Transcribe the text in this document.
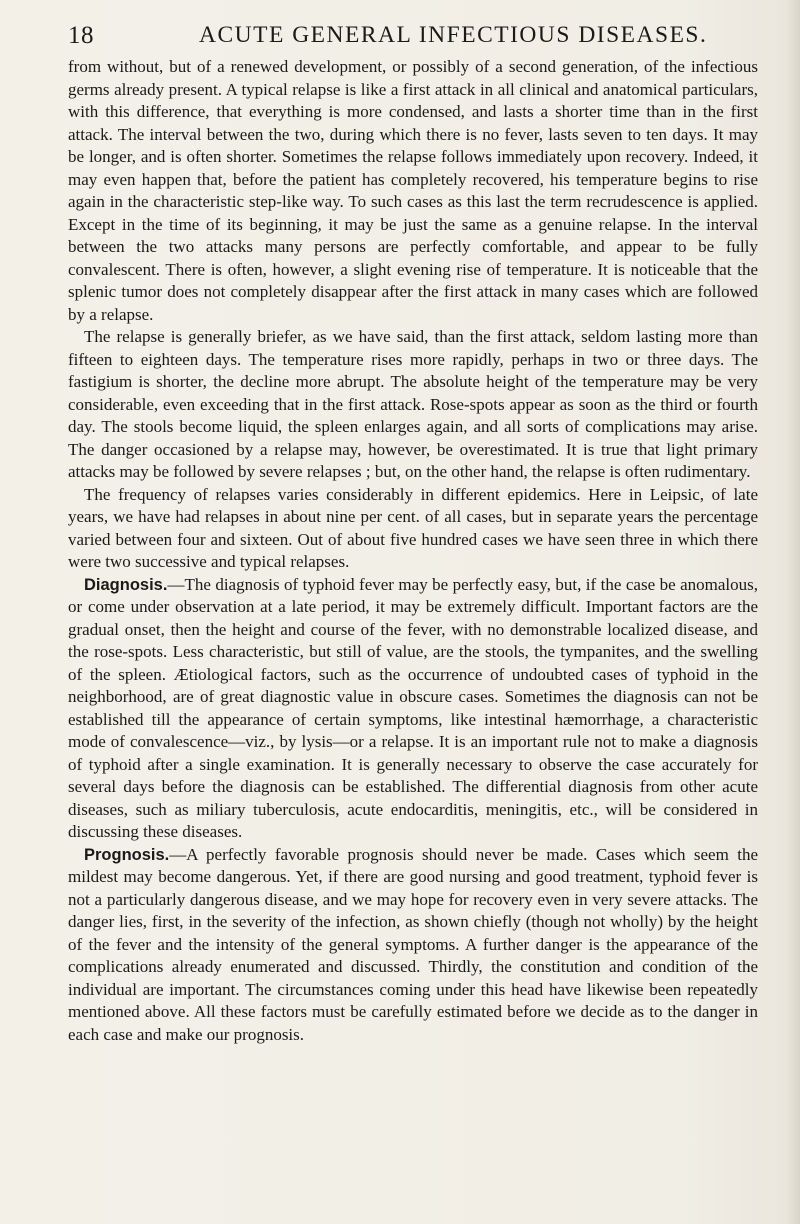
18	ACUTE GENERAL INFECTIOUS DISEASES.

from without, but of a renewed development, or possibly of a second generation, of the infectious germs already present. A typical relapse is like a first attack in all clinical and anatomical particulars, with this difference, that everything is more condensed, and lasts a shorter time than in the first attack. The interval between the two, during which there is no fever, lasts seven to ten days. It may be longer, and is often shorter. Sometimes the relapse follows immediately upon recovery. Indeed, it may even happen that, before the patient has completely recovered, his temperature begins to rise again in the characteristic step-like way. To such cases as this last the term recrudescence is applied. Except in the time of its beginning, it may be just the same as a genuine relapse. In the interval between the two attacks many persons are perfectly comfortable, and appear to be fully convalescent. There is often, however, a slight evening rise of temperature. It is noticeable that the splenic tumor does not completely disappear after the first attack in many cases which are followed by a relapse.

The relapse is generally briefer, as we have said, than the first attack, seldom lasting more than fifteen to eighteen days. The temperature rises more rapidly, perhaps in two or three days. The fastigium is shorter, the decline more abrupt. The absolute height of the temperature may be very considerable, even exceeding that in the first attack. Rose-spots appear as soon as the third or fourth day. The stools become liquid, the spleen enlarges again, and all sorts of complications may arise. The danger occasioned by a relapse may, however, be overestimated. It is true that light primary attacks may be followed by severe relapses ; but, on the other hand, the relapse is often rudimentary.

The frequency of relapses varies considerably in different epidemics. Here in Leipsic, of late years, we have had relapses in about nine per cent. of all cases, but in separate years the percentage varied between four and sixteen. Out of about five hundred cases we have seen three in which there were two successive and typical relapses.

Diagnosis.—The diagnosis of typhoid fever may be perfectly easy, but, if the case be anomalous, or come under observation at a late period, it may be extremely difficult. Important factors are the gradual onset, then the height and course of the fever, with no demonstrable localized disease, and the rose-spots. Less characteristic, but still of value, are the stools, the tympanites, and the swelling of the spleen. Ætiological factors, such as the occurrence of undoubted cases of typhoid in the neighborhood, are of great diagnostic value in obscure cases. Sometimes the diagnosis can not be established till the appearance of certain symptoms, like intestinal hæmorrhage, a characteristic mode of convalescence—viz., by lysis—or a relapse. It is an important rule not to make a diagnosis of typhoid after a single examination. It is generally necessary to observe the case accurately for several days before the diagnosis can be established. The differential diagnosis from other acute diseases, such as miliary tuberculosis, acute endocarditis, meningitis, etc., will be considered in discussing these diseases.

Prognosis.—A perfectly favorable prognosis should never be made. Cases which seem the mildest may become dangerous. Yet, if there are good nursing and good treatment, typhoid fever is not a particularly dangerous disease, and we may hope for recovery even in very severe attacks. The danger lies, first, in the severity of the infection, as shown chiefly (though not wholly) by the height of the fever and the intensity of the general symptoms. A further danger is the appearance of the complications already enumerated and discussed. Thirdly, the constitution and condition of the individual are important. The circumstances coming under this head have likewise been repeatedly mentioned above. All these factors must be carefully estimated before we decide as to the danger in each case and make our prognosis.
